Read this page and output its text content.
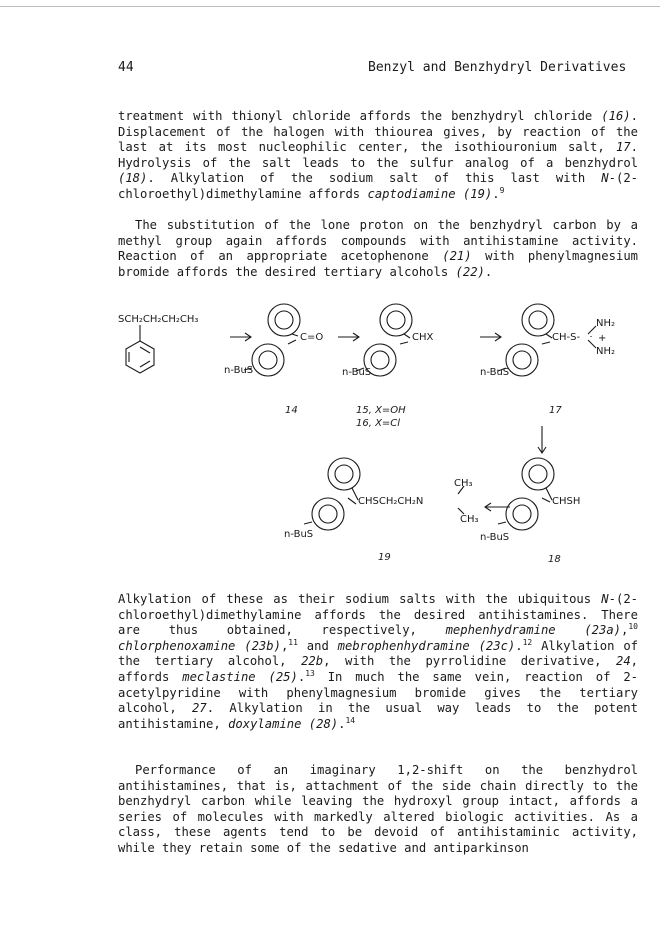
44	Benzyl and Benzhydryl Derivatives

treatment with thionyl chloride affords the benzhydryl chloride (16). Displacement of the halogen with thiourea gives, by reaction of the last at its most nucleophilic center, the isothiouronium salt, 17. Hydrolysis of the salt leads to the sulfur analog of a benzhydrol (18). Alkylation of the sodium salt of this last with N-(2-chloroethyl)dimethylamine affords captodiamine (19).$^9$

The substitution of the lone proton on the benzhydryl carbon by a methyl group again affords compounds with antihistamine activity. Reaction of an appropriate acetophenone (21) with phenylmagnesium bromide affords the desired tertiary alcohols (22).

SCH₂CH₂CH₂CH₃
C=O
n-BuS
CHX
n-BuS
CH-S-
NH₂
+
NH₂
n-BuS
14	15, X=OH
16, X=Cl
17
CH₃
CHSCH₂CH₂N
CH₃
n-BuS
CHSH
n-BuS
19	18

Alkylation of these as their sodium salts with the ubiquitous N-(2-chloroethyl)dimethylamine affords the desired antihistamines. There are thus obtained, respectively, mephenhydramine (23a),$^{10}$ chlorphenoxamine (23b),$^{11}$ and mebrophenhydramine (23c).$^{12}$ Alkylation of the tertiary alcohol, 22b, with the pyrrolidine derivative, 24, affords meclastine (25).$^{13}$ In much the same vein, reaction of 2-acetylpyridine with phenylmagnesium bromide gives the tertiary alcohol, 27. Alkylation in the usual way leads to the potent antihistamine, doxylamine (28).$^{14}$

Performance of an imaginary 1,2-shift on the benzhydrol antihistamines, that is, attachment of the side chain directly to the benzhydryl carbon while leaving the hydroxyl group intact, affords a series of molecules with markedly altered biologic activities. As a class, these agents tend to be devoid of antihistaminic activity, while they retain some of the sedative and antiparkinson
